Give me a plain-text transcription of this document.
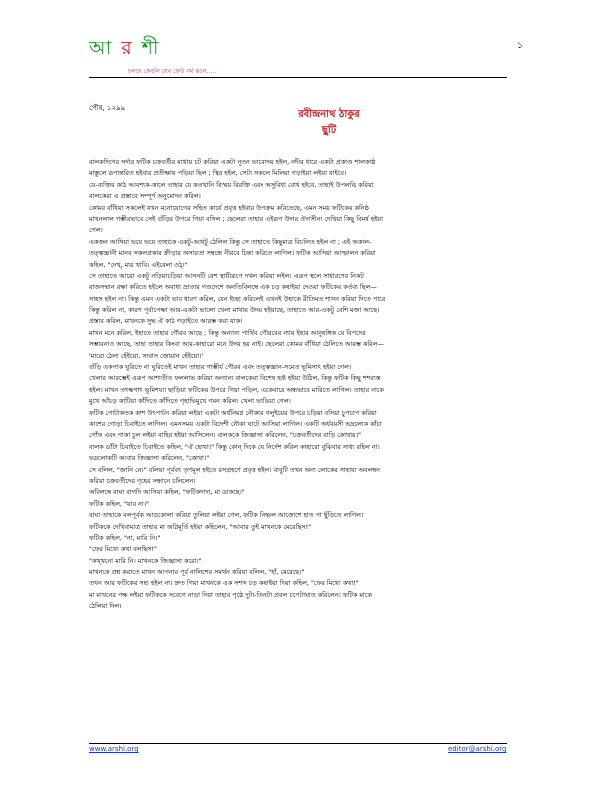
আ র শী
চলছে কেবলি যেন কেউ নর্ম ঝলে.....
১
পৌষ, ১২৯৯
রবীন্দ্রনাথ ঠাকুর
ছুটি
বালকদিগের সর্দার ফটিক চক্রবর্তীর মাথায় চট করিয়া একটা নূতন ভাবোদয় হইল, নদীর ধারে একটা প্রকাণ্ড শালকাষ্ঠ
মাস্তুলে রূপান্তরিত হইবার প্রতীক্ষায় পড়িয়া ছিল ; স্থির হইল, সেটা সকলে মিলিয়া গড়াইয়া লইয়া যাইবে।
যে-ব্যক্তির কাঠ আবশ্যক-কালে তাহার যে কতখানি বিস্ময় বিরক্তি এবং অসুবিধা বোধ হইবে, তাহাই উপলব্ধি করিয়া
বালকেরা এ প্রস্তাবে সম্পূর্ণ অনুমোদন করিল।
কোমর বাঁধিয়া সকলেই যখন মনোযোগের সহিত কার্যে প্রবৃত্ত হইবার উপক্রম করিতেছে, এমন সময় ফটিকের কনিষ্ঠ
মাখনলাল গম্ভীরভাবে সেই গুঁড়ির উপরে গিয়া বসিল ; ছেলেরা তাহার এইরূপ উদার ঔদাসীন্য দেখিয়া কিছু বিমর্ষ হইয়া
গেল।
একজন আসিয়া ভয়ে ভয়ে তাহাকে একটু-আধটু ঠেলিল কিন্তু সে তাহাতে কিছুমাত্র বিচলিত হইল না ; এই অকাল-
তত্ত্বজ্ঞানী মানব সকলপ্রকার ক্রীড়ার অসারতা সম্বন্ধে নীরবে চিন্তা করিতে লাগিল। ফটিক আসিয়া আস্ফালন করিয়া
কহিল, "দেখ্, মার খাবি। এইবেলা ওঠ্।"
সে তাহাতে আরো একটু নড়িয়াচড়িয়া আসনটি বেশ স্থায়ীরূপে দখল করিয়া লইল। এরূপ স্থলে সাধারণের নিকট
রাজসম্মান রক্ষা করিতে হইলে অবাধ্য ভ্রাতার গণ্ডদেশে অনতিবিলম্বে এক চড় কষাইয়া দেওয়া ফটিকের কর্তব্য ছিল—
সাহস হইল না। কিন্তু এমন একটা ভাব ধারণ করিল, যেন ইচ্ছা করিলেই এখনই উহাকে রীতিমত শাসন করিয়া দিতে পারে
কিন্তু করিল না, কারণ পূর্বাপেক্ষা আর-একটা ভালো খেলা মাথায় উদয় হইয়াছে, তাহাতে আর-একটু বেশি মজা আছে।
প্রস্তাব করিল, মাখনকে সুদ্ধ ঐ কাঠ গড়াইতে আরম্ভ করা যাক।
মাখন মনে করিল, ইহাতে তাহার গৌরব আছে ; কিন্তু অন্যান্য পার্থিব গৌরবের ন্যায় ইহার আনুষঙ্গিক যে বিপদের
সম্ভাবনাও আছে, তাহা তাহার কিংবা আর-কাহারো মনে উদয় হয় নাই। ছেলেরা কোমর বাঁধিয়া ঠেলিতে আরম্ভ করিল—
'মারো ঠেলা হেঁইয়ো, সাবাস জোয়ান হেঁইয়ো।'
গুঁড়ি একপাক ঘুরিতে না ঘুরিতেই মাখন তাহার গাম্ভীর্য গৌরব এবং তত্ত্বজ্ঞান-সমেত ভূমিসাৎ হইয়া গেল।
খেলার আরম্ভেই এরূপ আশাতীত ফললাভ করিয়া অন্যান্য বালকেরা বিশেষ হৃষ্ট হইয়া উঠিল, কিন্তু ফটিক কিছু শশব্যস্ত
হইল। মাখন তৎক্ষণাৎ ভূমিশয্যা ছাড়িয়া ফটিকের উপরে গিয়া পড়িল, একেবারে অন্ধভাবে মারিতে লাগিল। তাহার নাকে
মুখে আঁচড় কাটিয়া কাঁদিতে কাঁদিতে গৃহাভিমুখে গমন করিল। খেলা ভাঙিয়া গেল।
ফটিক গোটাকতক কাশ উৎপাটন করিয়া লইয়া একটা অর্ধনিমগ্ন নৌকার গলুইয়ের উপরে চড়িয়া বসিয়া চুপচাপ করিয়া
কাশের গোড়া চিবাইতে লাগিল। এমনসময় একটা বিদেশী নৌকা ঘাটে আসিয়া লাগিল। একটি অর্ধবয়সী ভদ্রলোক কাঁচা
গোঁফ এবং পাকা চুল লইয়া বাহির হইয়া আসিলেন। বালককে জিজ্ঞাসা করিলেন, "চক্রবর্তীদের বাড়ি কোথায়।"
বালক ডাঁটা চিবাইতে চিবাইতে কহিল, "ঐ হোথা।" কিন্তু কোন্ দিকে যে নির্দেশ করিল কাহারো বুঝিবার সাধ্য রহিল না।
ভদ্রলোকটি আবার জিজ্ঞাসা করিলেন, "কোথা।"
সে বলিল, "জানি নে।" বলিয়া পূর্ববৎ তৃণমূল হইতে রসগ্রহণে প্রবৃত্ত হইল। বাবুটি তখন অন্য লোকের সাহায্য অবলম্বন
করিয়া চক্রবর্তীদের গৃহের সন্ধানে চলিলেন।
অবিলম্বে বাঘা বাগদি আসিয়া কহিল, "ফটিকদাদা, মা ডাকছে।"
ফটিক কহিল, "যাব না।"
বাঘা তাহাকে বলপূর্বক আড়কোলা করিয়া তুলিয়া লইয়া গেল, ফটিক নিষ্ফল আক্রোশে হাত পা ছুঁড়িতে লাগিল।
ফটিককে দেখিবামাত্র তাহার মা অগ্নিমূর্তি হইয়া কহিলেন, "আবার তুই মাখনকে মেরেছিস!"
ফটিক কহিল, "না, মারি নি।"
"ফের মিথ্যে কথা বলছিস!"
"কখ্খনো মারি নি। মাখনকে জিজ্ঞাসা করো।"
মাখনকে প্রশ্ন করাতে মাখন আপনার পূর্ব নালিশের সমর্থন করিয়া বলিল, "হাঁ, মেরেছে।"
তখন আর ফটিকের সহ্য হইল না। দ্রুত গিয়া মাখনকে এক সশব্দ চড় কষাইয়া দিয়া কহিল, "ফের মিথ্যে কথা!"
মা মাখনের পক্ষ লইয়া ফটিককে সবেগে নাড়া দিয়া তাহার পৃষ্ঠে দুটা-তিনটা প্রবল চপেটাঘাত করিলেন। ফটিক মাকে
ঠেলিয়া দিল।
www.arshi.org	editor@arshi.org
